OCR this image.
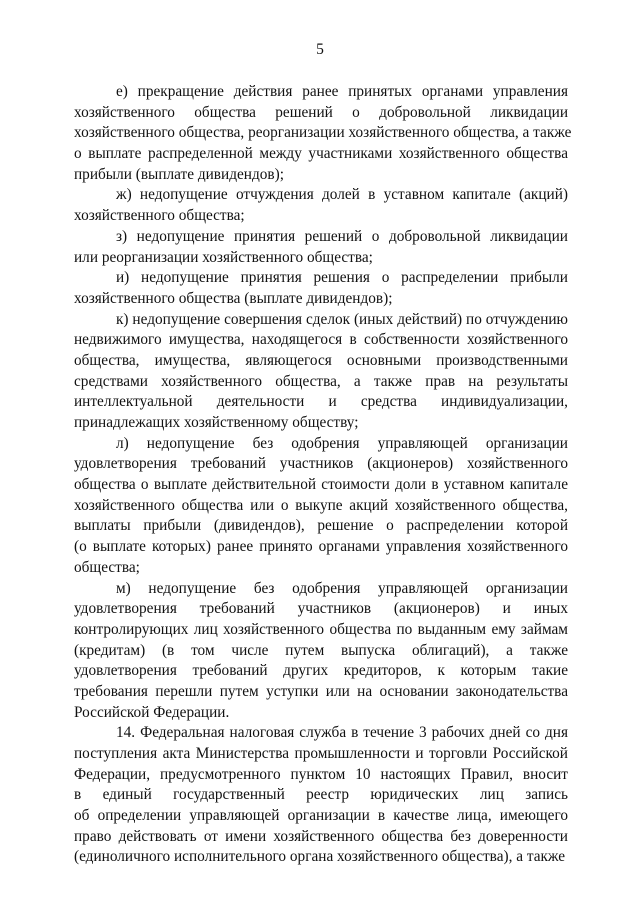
5
е) прекращение действия ранее принятых органами управления
хозяйственного общества решений о добровольной ликвидации
хозяйственного общества, реорганизации хозяйственного общества, а также
о выплате распределенной между участниками хозяйственного общества
прибыли (выплате дивидендов);
ж) недопущение отчуждения долей в уставном капитале (акций)
хозяйственного общества;
з) недопущение принятия решений о добровольной ликвидации
или реорганизации хозяйственного общества;
и) недопущение принятия решения о распределении прибыли
хозяйственного общества (выплате дивидендов);
к) недопущение совершения сделок (иных действий) по отчуждению
недвижимого имущества, находящегося в собственности хозяйственного
общества, имущества, являющегося основными производственными
средствами хозяйственного общества, а также прав на результаты
интеллектуальной деятельности и средства индивидуализации,
принадлежащих хозяйственному обществу;
л) недопущение без одобрения управляющей организации
удовлетворения требований участников (акционеров) хозяйственного
общества о выплате действительной стоимости доли в уставном капитале
хозяйственного общества или о выкупе акций хозяйственного общества,
выплаты прибыли (дивидендов), решение о распределении которой
(о выплате которых) ранее принято органами управления хозяйственного
общества;
м) недопущение без одобрения управляющей организации
удовлетворения требований участников (акционеров) и иных
контролирующих лиц хозяйственного общества по выданным ему займам
(кредитам) (в том числе путем выпуска облигаций), а также
удовлетворения требований других кредиторов, к которым такие
требования перешли путем уступки или на основании законодательства
Российской Федерации.
14. Федеральная налоговая служба в течение 3 рабочих дней со дня
поступления акта Министерства промышленности и торговли Российской
Федерации, предусмотренного пунктом 10 настоящих Правил, вносит
в единый государственный реестр юридических лиц запись
об определении управляющей организации в качестве лица, имеющего
право действовать от имени хозяйственного общества без доверенности
(единоличного исполнительного органа хозяйственного общества), а также
